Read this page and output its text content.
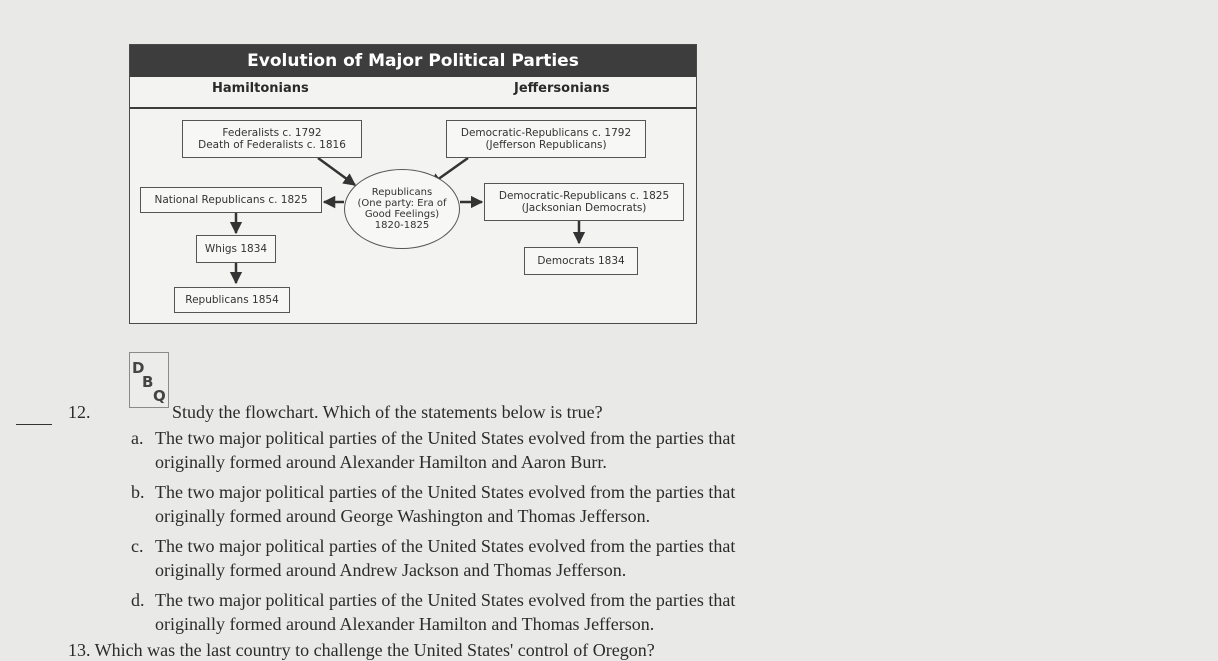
Evolution of Major Political Parties
Hamiltonians	Jeffersonians
Federalists c. 1792
Death of Federalists c. 1816
Democratic-Republicans c. 1792
(Jefferson Republicans)
Republicans
(One party: Era of
Good Feelings)
1820-1825
National Republicans c. 1825	Democratic-Republicans c. 1825
(Jacksonian Democrats)
Whigs 1834
Democrats 1834
Republicans 1854
12.
D
B
Q
Study the flowchart. Which of the statements below is true?
a. The two major political parties of the United States evolved from the parties that
originally formed around Alexander Hamilton and Aaron Burr.
b. The two major political parties of the United States evolved from the parties that
originally formed around George Washington and Thomas Jefferson.
c. The two major political parties of the United States evolved from the parties that
originally formed around Andrew Jackson and Thomas Jefferson.
d. The two major political parties of the United States evolved from the parties that
originally formed around Alexander Hamilton and Thomas Jefferson.
13. Which was the last country to challenge the United States' control of Oregon?
